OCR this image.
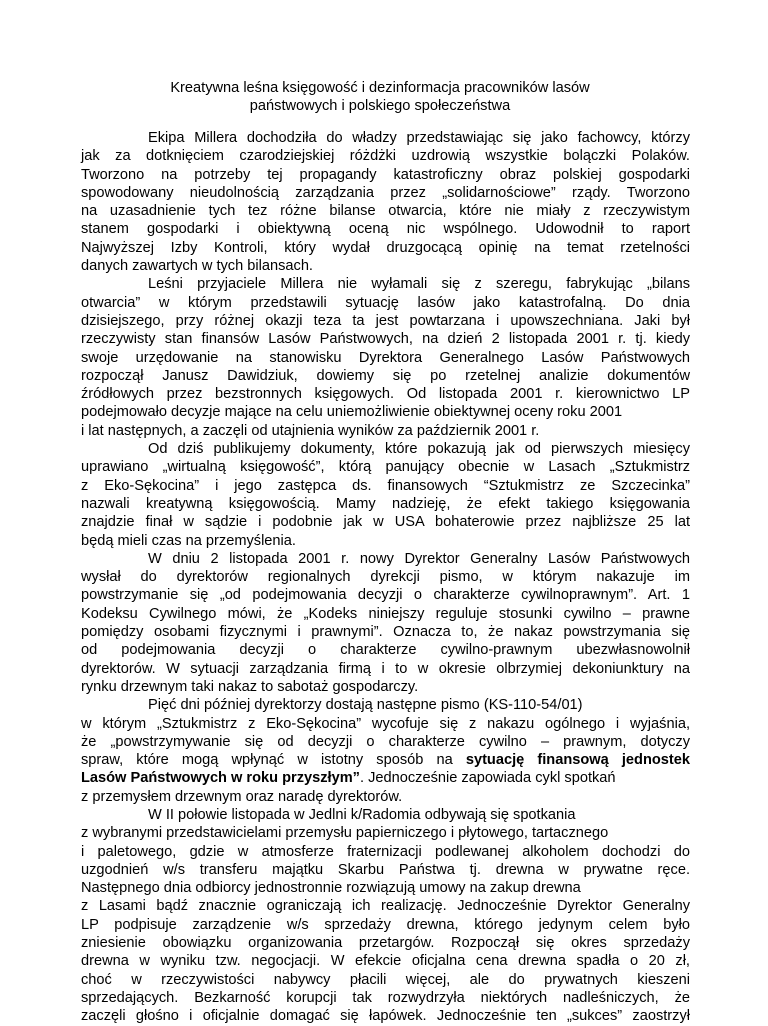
Kreatywna leśna księgowość i dezinformacja pracowników lasów
państwowych i polskiego społeczeństwa
Ekipa Millera dochodziła do władzy przedstawiając się jako fachowcy, którzy
jak za dotknięciem czarodziejskiej różdżki uzdrowią wszystkie bolączki Polaków.
Tworzono na potrzeby tej propagandy katastroficzny obraz polskiej gospodarki
spowodowany nieudolnością zarządzania przez „solidarnościowe” rządy. Tworzono
na uzasadnienie tych tez różne bilanse otwarcia, które nie miały z rzeczywistym
stanem gospodarki i obiektywną oceną nic wspólnego. Udowodnił to raport
Najwyższej Izby Kontroli, który wydał druzgocącą opinię na temat rzetelności
danych zawartych w tych bilansach.
Leśni przyjaciele Millera nie wyłamali się z szeregu, fabrykując „bilans
otwarcia” w którym przedstawili sytuację lasów jako katastrofalną. Do dnia
dzisiejszego, przy różnej okazji teza ta jest powtarzana i upowszechniana. Jaki był
rzeczywisty stan finansów Lasów Państwowych, na dzień 2 listopada 2001 r. tj. kiedy
swoje urzędowanie na stanowisku Dyrektora Generalnego Lasów Państwowych
rozpoczął Janusz Dawidziuk, dowiemy się po rzetelnej analizie dokumentów
źródłowych przez bezstronnych księgowych. Od listopada 2001 r. kierownictwo LP
podejmowało decyzje mające na celu uniemożliwienie obiektywnej oceny roku 2001
i lat następnych, a zaczęli od utajnienia wyników za październik 2001 r.
Od dziś publikujemy dokumenty, które pokazują jak od pierwszych miesięcy
uprawiano „wirtualną księgowość”, którą panujący obecnie w Lasach „Sztukmistrz
z Eko-Sękocina” i jego zastępca ds. finansowych “Sztukmistrz ze Szczecinka”
nazwali kreatywną księgowością. Mamy nadzieję, że efekt takiego księgowania
znajdzie finał w sądzie i podobnie jak w USA bohaterowie przez najbliższe 25 lat
będą mieli czas na przemyślenia.
W dniu 2 listopada 2001 r. nowy Dyrektor Generalny Lasów Państwowych
wysłał do dyrektorów regionalnych dyrekcji pismo, w którym nakazuje im
powstrzymanie się „od podejmowania decyzji o charakterze cywilnoprawnym”. Art. 1
Kodeksu Cywilnego mówi, że „Kodeks niniejszy reguluje stosunki cywilno – prawne
pomiędzy osobami fizycznymi i prawnymi”. Oznacza to, że nakaz powstrzymania się
od podejmowania decyzji o charakterze cywilno-prawnym ubezwłasnowolnił
dyrektorów. W sytuacji zarządzania firmą i to w okresie olbrzymiej dekoniunktury na
rynku drzewnym taki nakaz to sabotaż gospodarczy.
Pięć dni później dyrektorzy dostają następne pismo (KS-110-54/01)
w którym „Sztukmistrz z Eko-Sękocina” wycofuje się z nakazu ogólnego i wyjaśnia,
że „powstrzymywanie się od decyzji o charakterze cywilno – prawnym, dotyczy
spraw, które mogą wpłynąć w istotny sposób na sytuację finansową jednostek
Lasów Państwowych w roku przyszłym”. Jednocześnie zapowiada cykl spotkań
z przemysłem drzewnym oraz naradę dyrektorów.
W II połowie listopada w Jedlni k/Radomia odbywają się spotkania
z wybranymi przedstawicielami przemysłu papierniczego i płytowego, tartacznego
i paletowego, gdzie w atmosferze fraternizacji podlewanej alkoholem dochodzi do
uzgodnień w/s transferu majątku Skarbu Państwa tj. drewna w prywatne ręce.
Następnego dnia odbiorcy jednostronnie rozwiązują umowy na zakup drewna
z Lasami bądź znacznie ograniczają ich realizację. Jednocześnie Dyrektor Generalny
LP podpisuje zarządzenie w/s sprzedaży drewna, którego jedynym celem było
zniesienie obowiązku organizowania przetargów. Rozpoczął się okres sprzedaży
drewna w wyniku tzw. negocjacji. W efekcie oficjalna cena drewna spadła o 20 zł,
choć w rzeczywistości nabywcy płacili więcej, ale do prywatnych kieszeni
sprzedających. Bezkarność korupcji tak rozwydrzyła niektórych nadleśniczych, że
zaczęli głośno i oficjalnie domagać się łapówek. Jednocześnie ten „sukces” zaostrzył
